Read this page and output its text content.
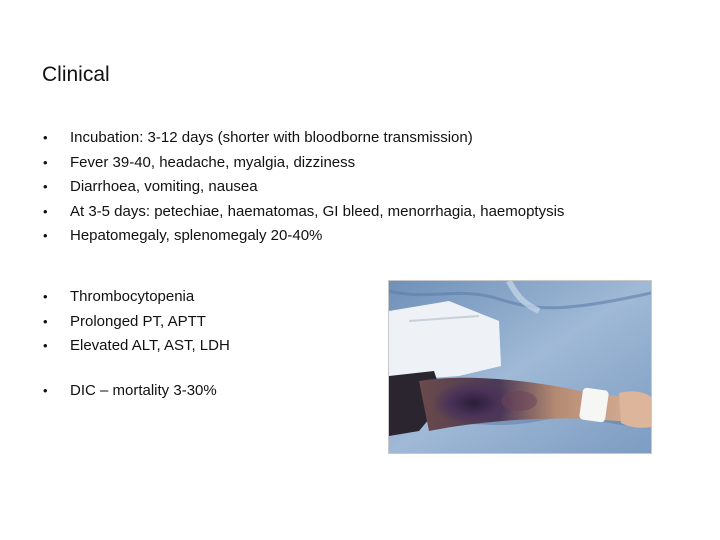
Clinical
• Incubation: 3-12 days (shorter with bloodborne transmission)
• Fever 39-40, headache, myalgia, dizziness
• Diarrhoea, vomiting, nausea
• At 3-5 days: petechiae, haematomas, GI bleed, menorrhagia, haemoptysis
• Hepatomegaly, splenomegaly 20-40%
• Thrombocytopenia
• Prolonged PT, APTT
• Elevated ALT, AST, LDH
• DIC – mortality 3-30%
